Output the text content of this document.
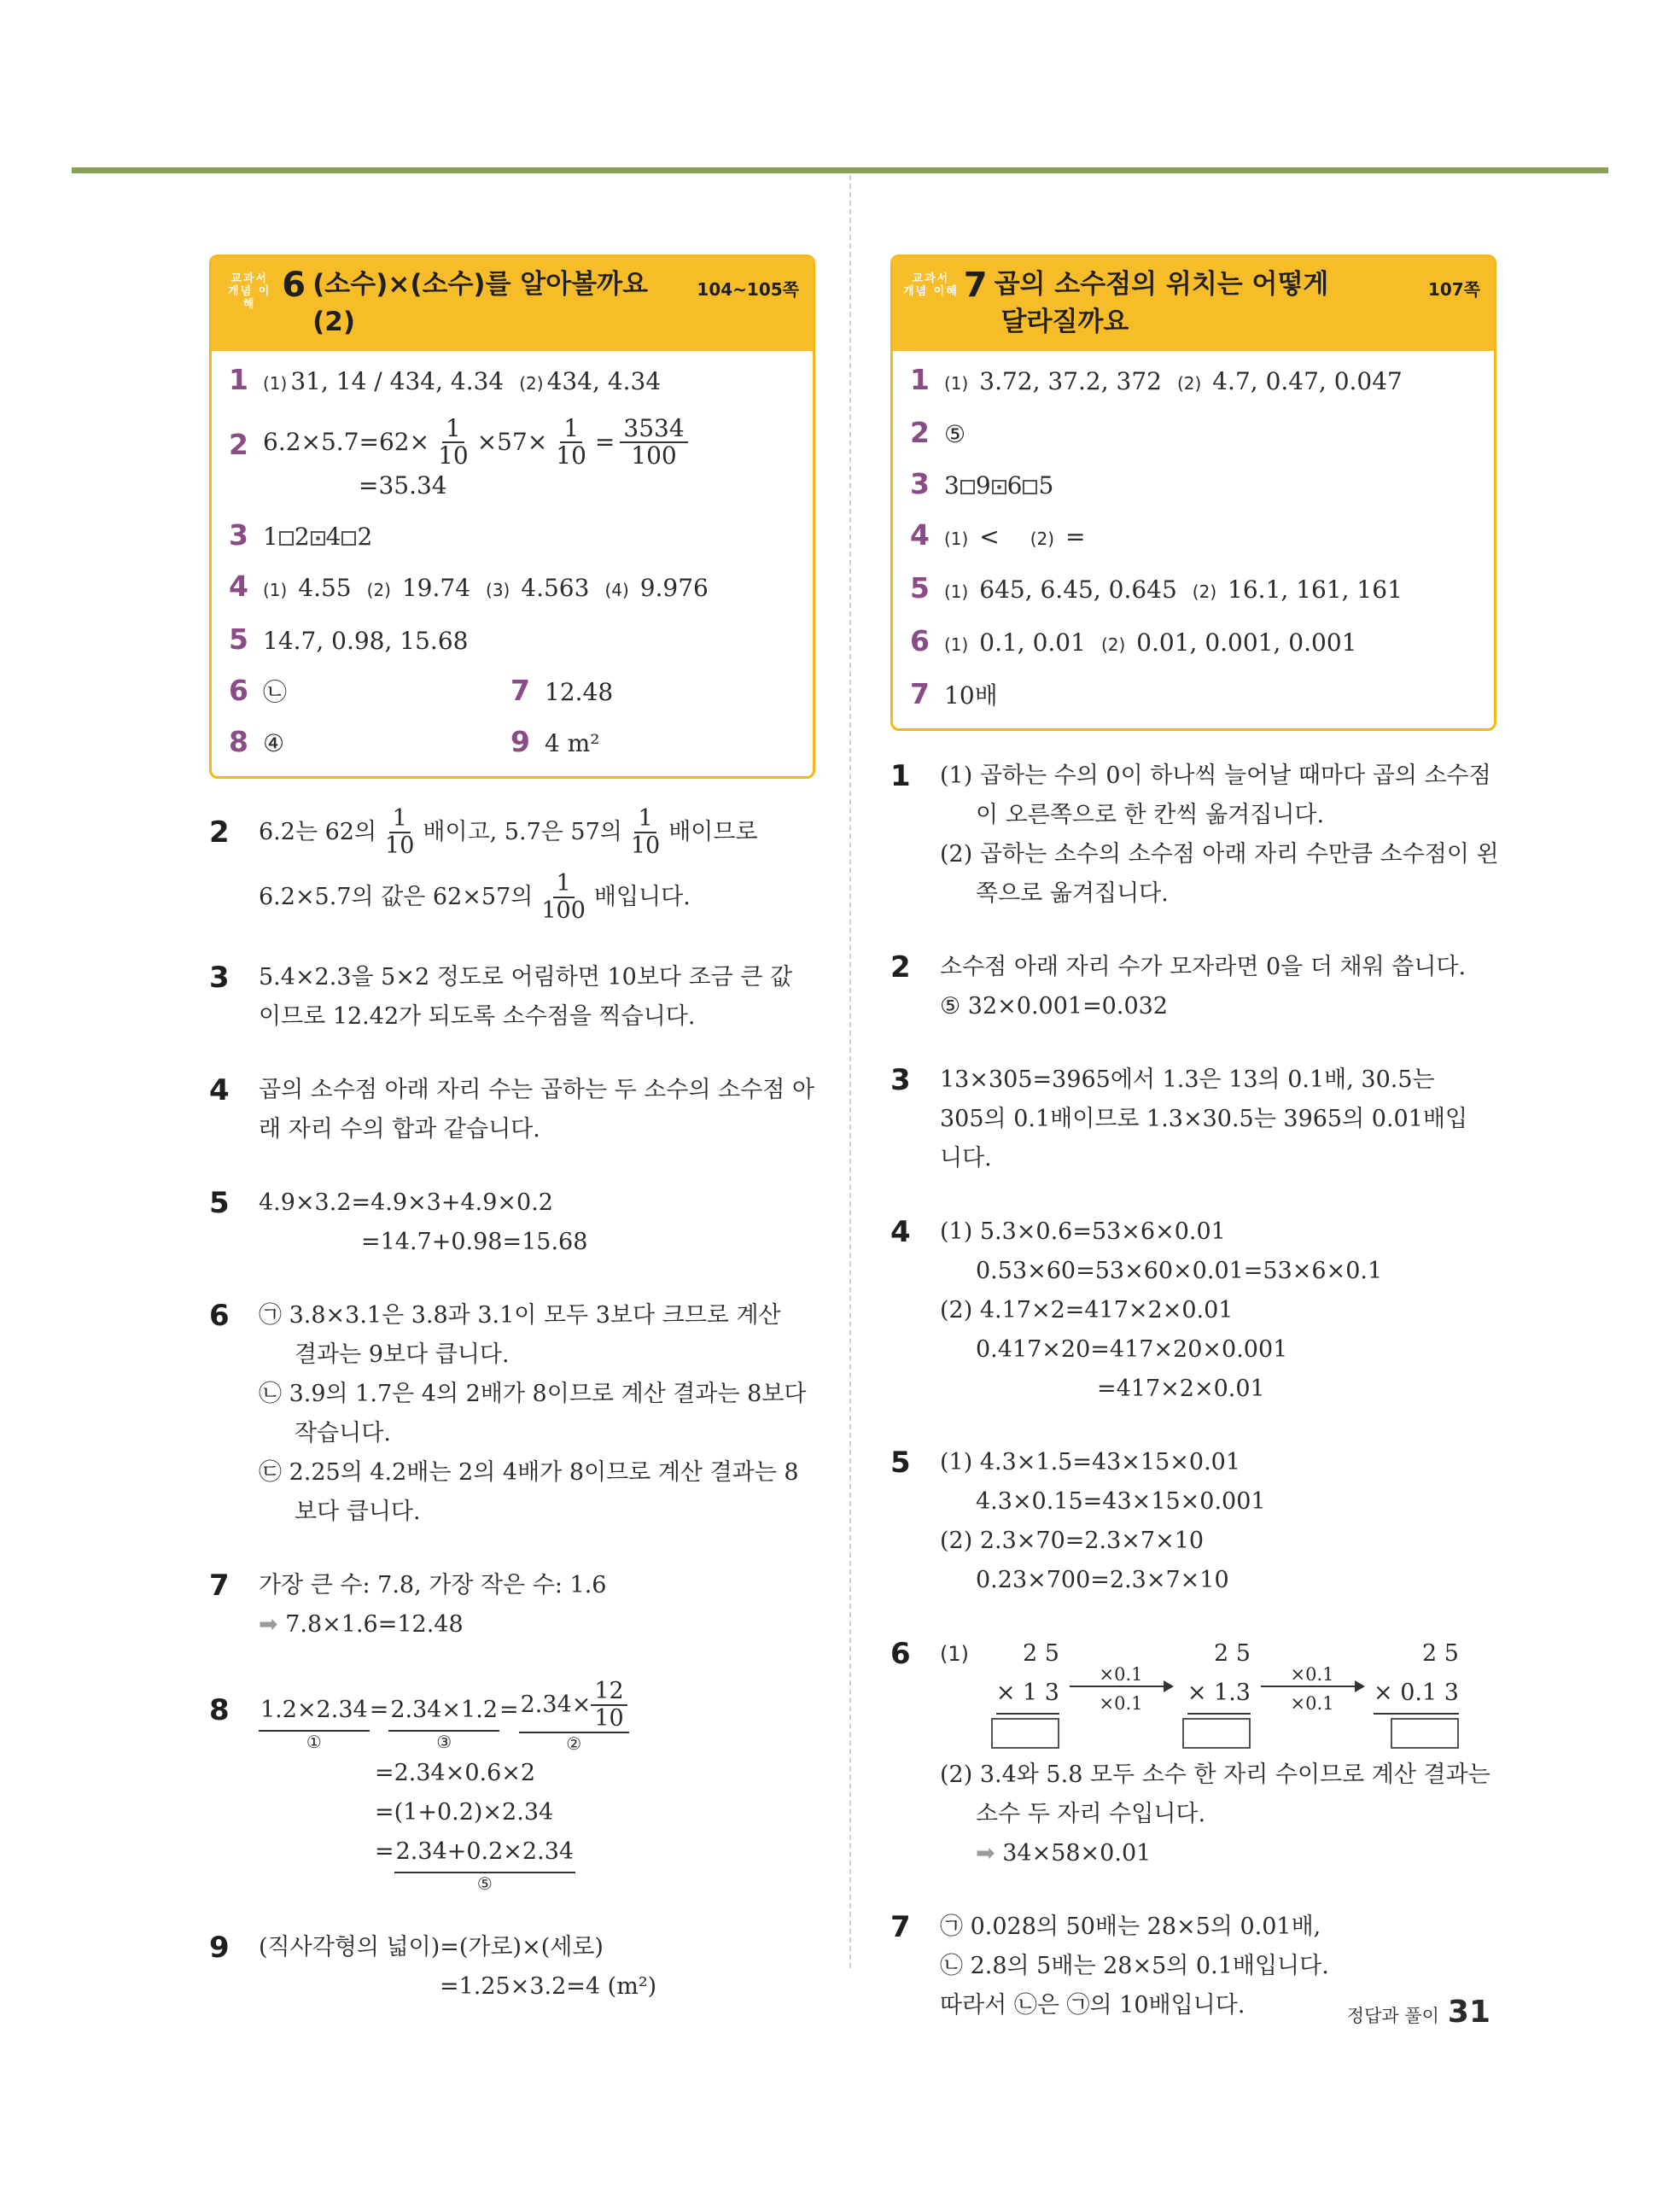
교과서
개념 이해 6 (소수)×(소수)를 알아볼까요 (2)
104~105쪽
1 (1) 31, 14 / 434, 4.34 (2) 434, 4.34
2 $6.2\times 5.7=62\times \frac{1}{10} \times 57\times \frac{1}{10} = \frac{3534}{100}$
=35.34
3 1 2 4 2
4 (1) 4.55 (2) 19.74 (3) 4.563 (4) 9.976
5 14.7, 0.98, 15.68
6 ㉡	7 12.48
8 ④	9 4 m²
2	6.2는 62의 $\frac{1}{10}$ 배이고, 5.7은 57의 $\frac{1}{10}$ 배이므로
6.2×5.7의 값은 62×57의 $\frac{1}{100}$ 배입니다.
3	5.4×2.3을 5×2 정도로 어림하면 10보다 조금 큰 값
이므로 12.42가 되도록 소수점을 찍습니다.
4	곱의 소수점 아래 자리 수는 곱하는 두 소수의 소수점 아
래 자리 수의 합과 같습니다.
5	4.9×3.2=4.9×3+4.9×0.2
=14.7+0.98=15.68
6	㉠ 3.8×3.1은 3.8과 3.1이 모두 3보다 크므로 계산
결과는 9보다 큽니다.
㉡ 3.9의 1.7은 4의 2배가 8이므로 계산 결과는 8보다
작습니다.
㉢ 2.25의 4.2배는 2의 4배가 8이므로 계산 결과는 8
보다 큽니다.
7	가장 큰 수: 7.8, 가장 작은 수: 1.6
➡ 7.8×1.6=12.48
8	1.2×2.34
①
= 2.34×1.2
③
= $2.34\times \frac{12}{10}$
②
=2.34×0.6×2
=(1+0.2)×2.34
= 2.34+0.2×2.34
⑤
9	(직사각형의 넓이)=(가로)×(세로)
=1.25×3.2=4 (m²)
교과서
개념 이해 7 곱의 소수점의 위치는 어떻게
달라질까요
107쪽
1 (1) 3.72, 37.2, 372 (2) 4.7, 0.47, 0.047
2 ⑤
3 3 9 6 5
4 (1) < (2) =
5 (1) 645, 6.45, 0.645 (2) 16.1, 161, 161
6 (1) 0.1, 0.01 (2) 0.01, 0.001, 0.001
7 10배
1	(1) 곱하는 수의 0이 하나씩 늘어날 때마다 곱의 소수점
이 오른쪽으로 한 칸씩 옮겨집니다.
(2) 곱하는 소수의 소수점 아래 자리 수만큼 소수점이 왼
쪽으로 옮겨집니다.
2	소수점 아래 자리 수가 모자라면 0을 더 채워 씁니다.
⑤ 32×0.001=0.032
3	13×305=3965에서 1.3은 13의 0.1배, 30.5는
305의 0.1배이므로 1.3×30.5는 3965의 0.01배입
니다.
4	(1) 5.3×0.6=53×6×0.01
0.53×60=53×60×0.01=53×6×0.1
(2) 4.17×2=417×2×0.01
0.417×20=417×20×0.001
=417×2×0.01
5	(1) 4.3×1.5=43×15×0.01
4.3×0.15=43×15×0.001
(2) 2.3×70=2.3×7×10
0.23×700=2.3×7×10
6	(1) 2 5
× 1 3
×0.1
×0.1
2 5
× 1.3
×0.1
×0.1
2 5
× 0.1 3
(2) 3.4와 5.8 모두 소수 한 자리 수이므로 계산 결과는
소수 두 자리 수입니다.
➡ 34×58×0.01
7	㉠ 0.028의 50배는 28×5의 0.01배,
㉡ 2.8의 5배는 28×5의 0.1배입니다.
따라서 ㉡은 ㉠의 10배입니다.	정답과 풀이 31
